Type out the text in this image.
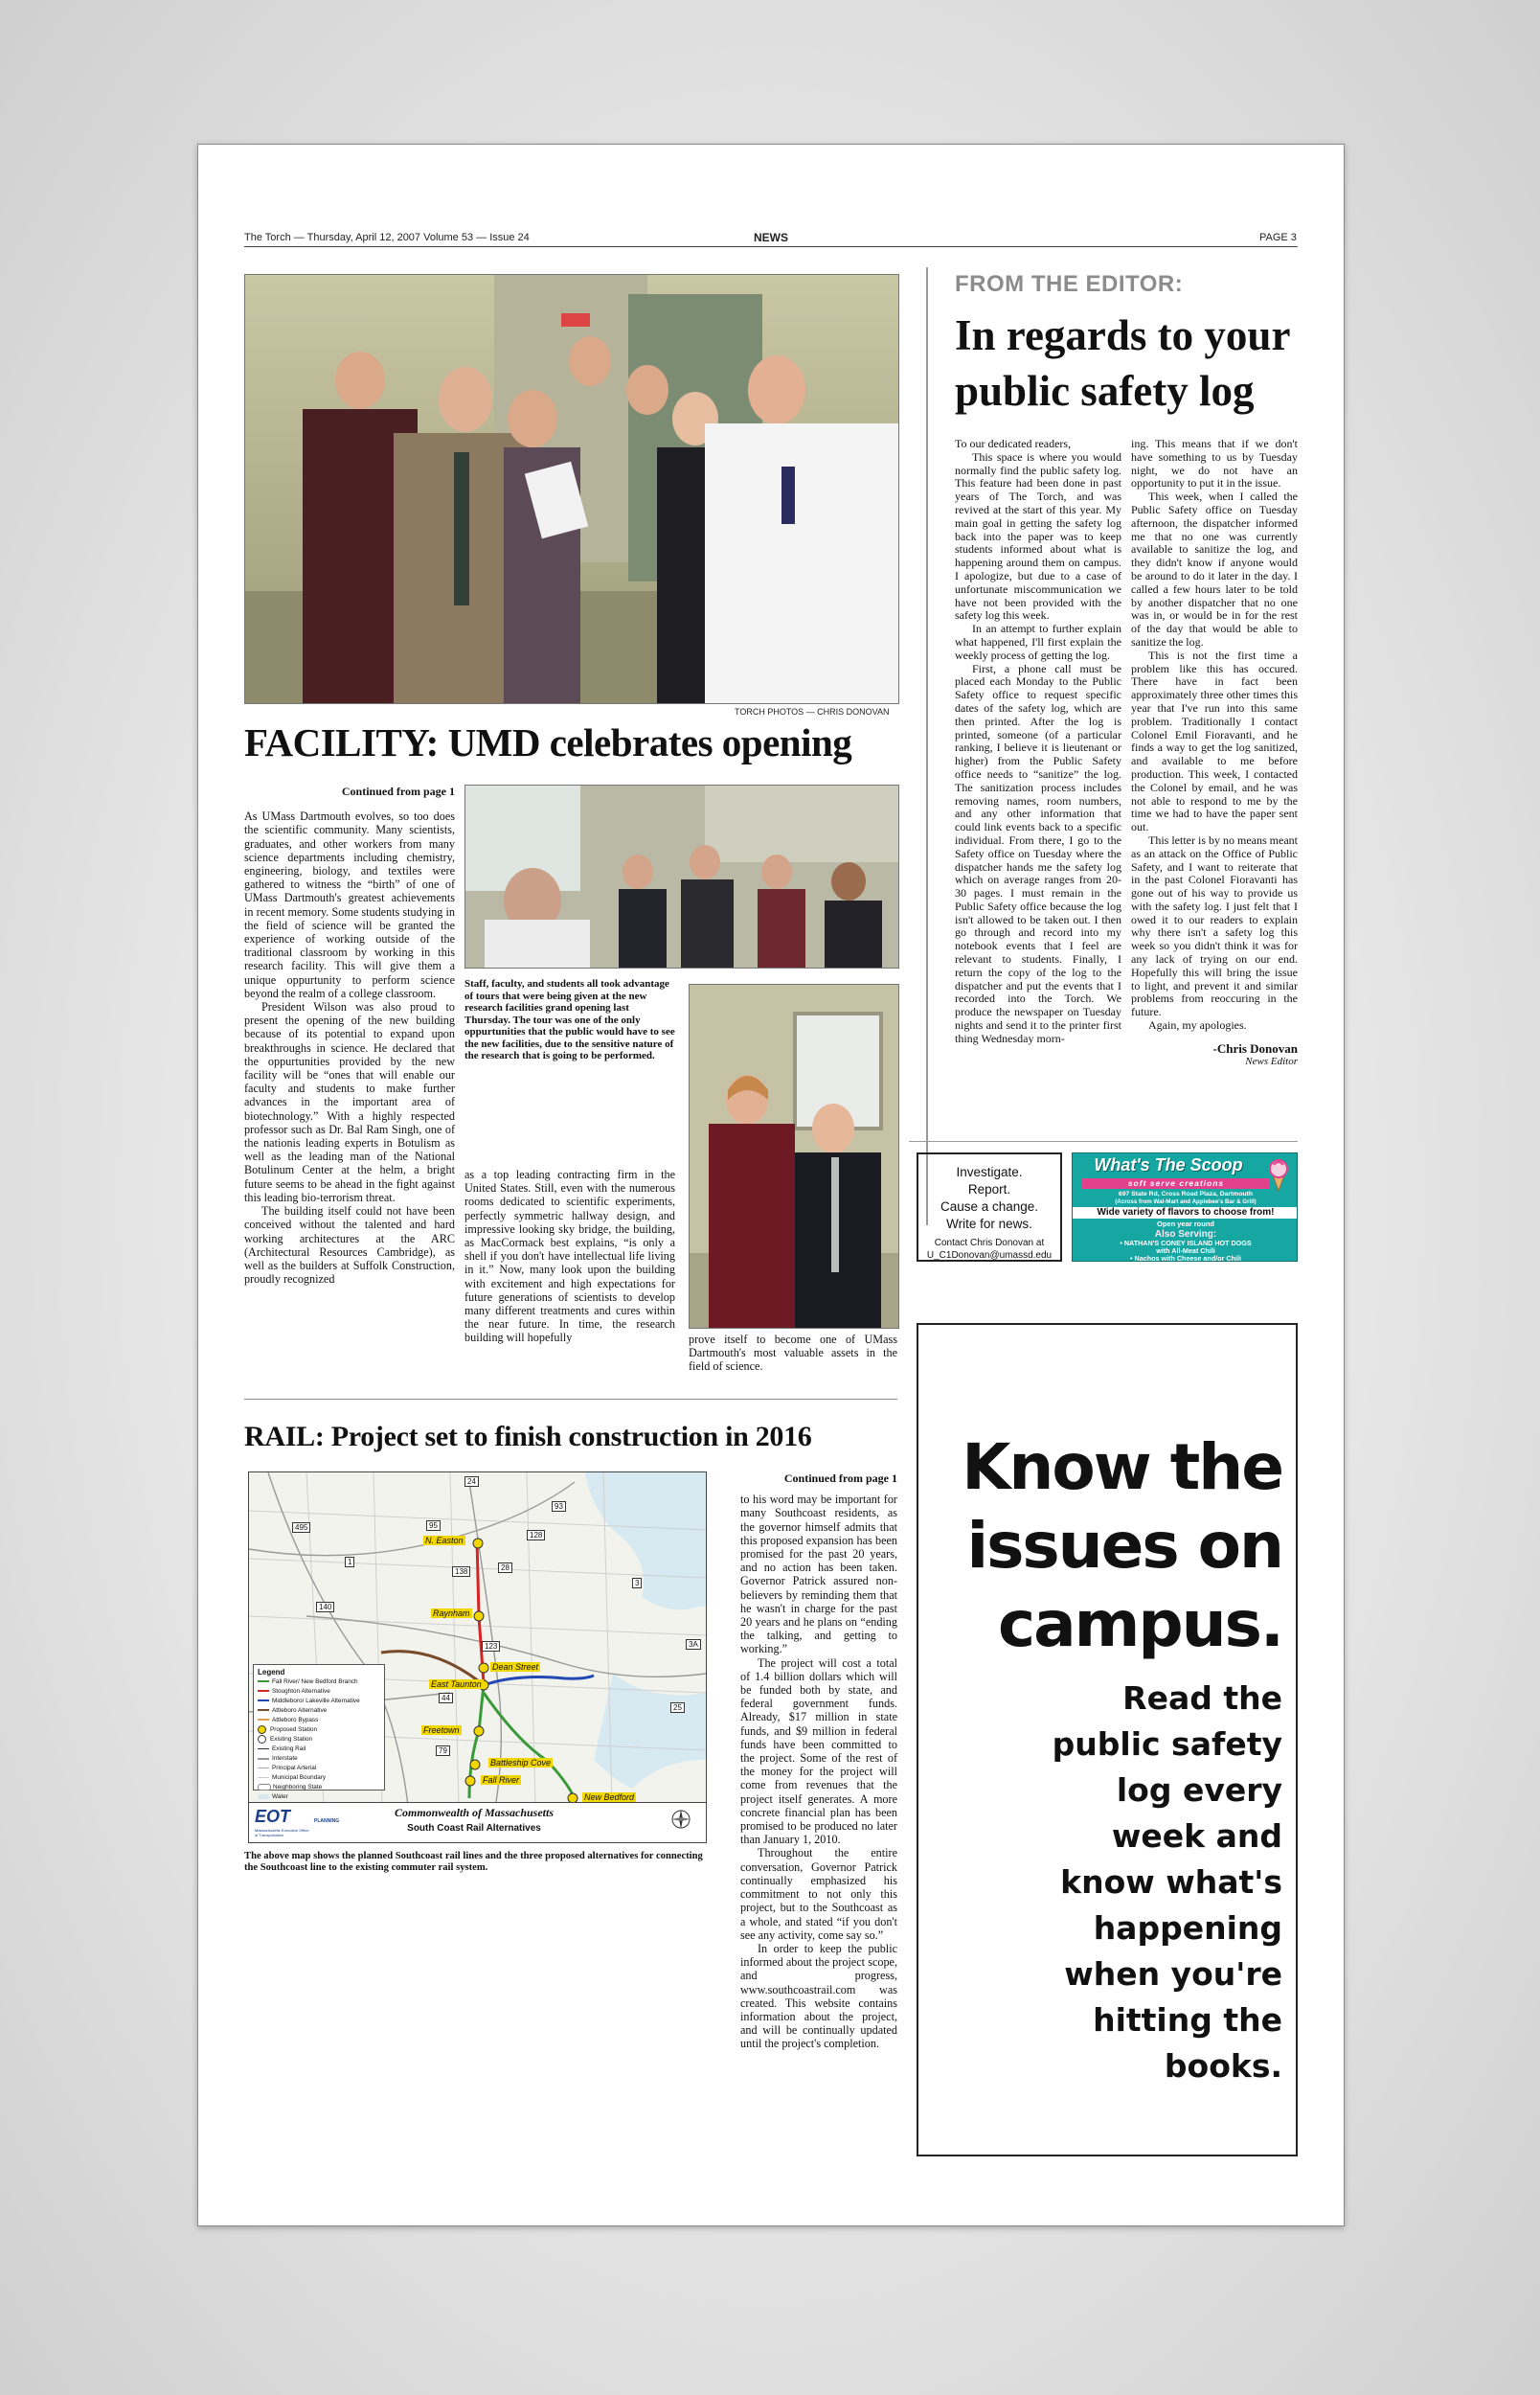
The Torch — Thursday, April 12, 2007 Volume 53 — Issue 24	NEWS	PAGE 3
TORCH PHOTOS — CHRIS DONOVAN
FACILITY: UMD celebrates opening
Continued from page 1

As UMass Dartmouth evolves, so too does the scientific community. Many scientists, graduates, and other workers from many science departments including chemistry, engineering, biology, and textiles were gathered to witness the “birth” of one of UMass Dartmouth's greatest achievements in recent memory. Some students studying in the field of science will be granted the experience of working outside of the traditional classroom by working in this research facility. This will give them a unique oppurtunity to perform science beyond the realm of a college classroom.

President Wilson was also proud to present the opening of the new building because of its potential to expand upon breakthroughs in science. He declared that the oppurtunities provided by the new facility will be “ones that will enable our faculty and students to make further advances in the important area of biotechnology.” With a highly respected professor such as Dr. Bal Ram Singh, one of the nationis leading experts in Botulism as well as the leading man of the National Botulinum Center at the helm, a bright future seems to be ahead in the fight against this leading bio-terrorism threat.

The building itself could not have been conceived without the talented and hard working architectures at the ARC (Architectural Resources Cambridge), as well as the builders at Suffolk Construction, proudly recognized

Staff, faculty, and students all took advantage of tours that were being given at the new research facilities grand opening last Thursday. The tour was one of the only oppurtunities that the public would have to see the new facilities, due to the sensitive nature of the research that is going to be performed.

as a top leading contracting firm in the United States. Still, even with the numerous rooms dedicated to scientific experiments, perfectly symmetric hallway design, and impressive looking sky bridge, the building, as MacCormack best explains, “is only a shell if you don't have intellectual life living in it.” Now, many look upon the building with excitement and high expectations for future generations of scientists to develop many different treatments and cures within the near future. In time, the research building will hopefully	prove itself to become one of UMass Dartmouth's most valuable assets in the field of science.

RAIL: Project set to finish construction in 2016
N. Easton
Raynham
Dean Street
East Taunton
Freetown
Battleship Cove
Fall River
New Bedford
24
138	28
495
3
123
140
44
1
3A
95
93
128
79
25
Legend
Fall River/ New Bedford Branch
Stoughton Alternative
Middleboro/ Lakeville Alternative
Attleboro Alternative
Attleboro Bypass
Proposed Station
Existing Station
Existing Rail
Interstate
Principal Arterial
Municipal Boundary
Neighboring State
Water
EOT
Massachusetts Executive Office of Transportation
PLANNING
Commonwealth of Massachusetts
South Coast Rail Alternatives
The above map shows the planned Southcoast rail lines and the three proposed alternatives for connecting the Southcoast line to the existing commuter rail system.
Continued from page 1

to his word may be important for many Southcoast residents, as the governor himself admits that this proposed expansion has been promised for the past 20 years, and no action has been taken. Governor Patrick assured non-believers by reminding them that he wasn't in charge for the past 20 years and he plans on “ending the talking, and getting to working.”

The project will cost a total of 1.4 billion dollars which will be funded both by state, and federal government funds. Already, $17 million in state funds, and $9 million in federal funds have been committed to the project. Some of the rest of the money for the project will come from revenues that the project itself generates. A more concrete financial plan has been promised to be produced no later than January 1, 2010.

Throughout the entire conversation, Governor Patrick continually emphasized his commitment to not only this project, but to the Southcoast as a whole, and stated “if you don't see any activity, come say so.”

In order to keep the public informed about the project scope, and progress, www.southcoastrail.com was created. This website contains information about the project, and will be continually updated until the project's completion.

FROM THE EDITOR:
In regards to your
public safety log

To our dedicated readers,

This space is where you would normally find the public safety log. This feature had been done in past years of The Torch, and was revived at the start of this year. My main goal in getting the safety log back into the paper was to keep students informed about what is happening around them on campus. I apologize, but due to a case of unfortunate miscommunication we have not been provided with the safety log this week.

In an attempt to further explain what happened, I'll first explain the weekly process of getting the log.

First, a phone call must be placed each Monday to the Public Safety office to request specific dates of the safety log, which are then printed. After the log is printed, someone (of a particular ranking, I believe it is lieutenant or higher) from the Public Safety office needs to “sanitize” the log. The sanitization process includes removing names, room numbers, and any other information that could link events back to a specific individual. From there, I go to the Safety office on Tuesday where the dispatcher hands me the safety log which on average ranges from 20-30 pages. I must remain in the Public Safety office because the log isn't allowed to be taken out. I then go through and record into my notebook events that I feel are relevant to students. Finally, I return the copy of the log to the dispatcher and put the events that I recorded into the Torch. We produce the newspaper on Tuesday nights and send it to the printer first thing Wednesday morn-

ing. This means that if we don't have something to us by Tuesday night, we do not have an opportunity to put it in the issue.

This week, when I called the Public Safety office on Tuesday afternoon, the dispatcher informed me that no one was currently available to sanitize the log, and they didn't know if anyone would be around to do it later in the day. I called a few hours later to be told by another dispatcher that no one was in, or would be in for the rest of the day that would be able to sanitize the log.

This is not the first time a problem like this has occured. There have in fact been approximately three other times this year that I've run into this same problem. Traditionally I contact Colonel Emil Fioravanti, and he finds a way to get the log sanitized, and available to me before production. This week, I contacted the Colonel by email, and he was not able to respond to me by the time we had to have the paper sent out.

This letter is by no means meant as an attack on the Office of Public Safety, and I want to reiterate that in the past Colonel Fioravanti has gone out of his way to provide us with the safety log. I just felt that I owed it to our readers to explain why there isn't a safety log this week so you didn't think it was for any lack of trying on our end. Hopefully this will bring the issue to light, and prevent it and similar problems from reoccuring in the future.

Again, my apologies.

-Chris Donovan
News Editor
Investigate.
Report.
Cause a change.
Write for news.
Contact Chris Donovan at
U_C1Donovan@umassd.edu
What's The Scoop
soft serve creations
697 State Rd, Cross Road Plaza, Dartmouth
(Across from Wal-Mart and Applebee's Bar & Grill)
Wide variety of flavors to choose from!
Open year round
Also Serving:
• NATHAN'S CONEY ISLAND HOT DOGS
with All-Meat Chili
• Nachos with Cheese and/or Chili
Know the
issues on
campus.
Read the
public safety
log every
week and
know what's
happening
when you're
hitting the
books.
